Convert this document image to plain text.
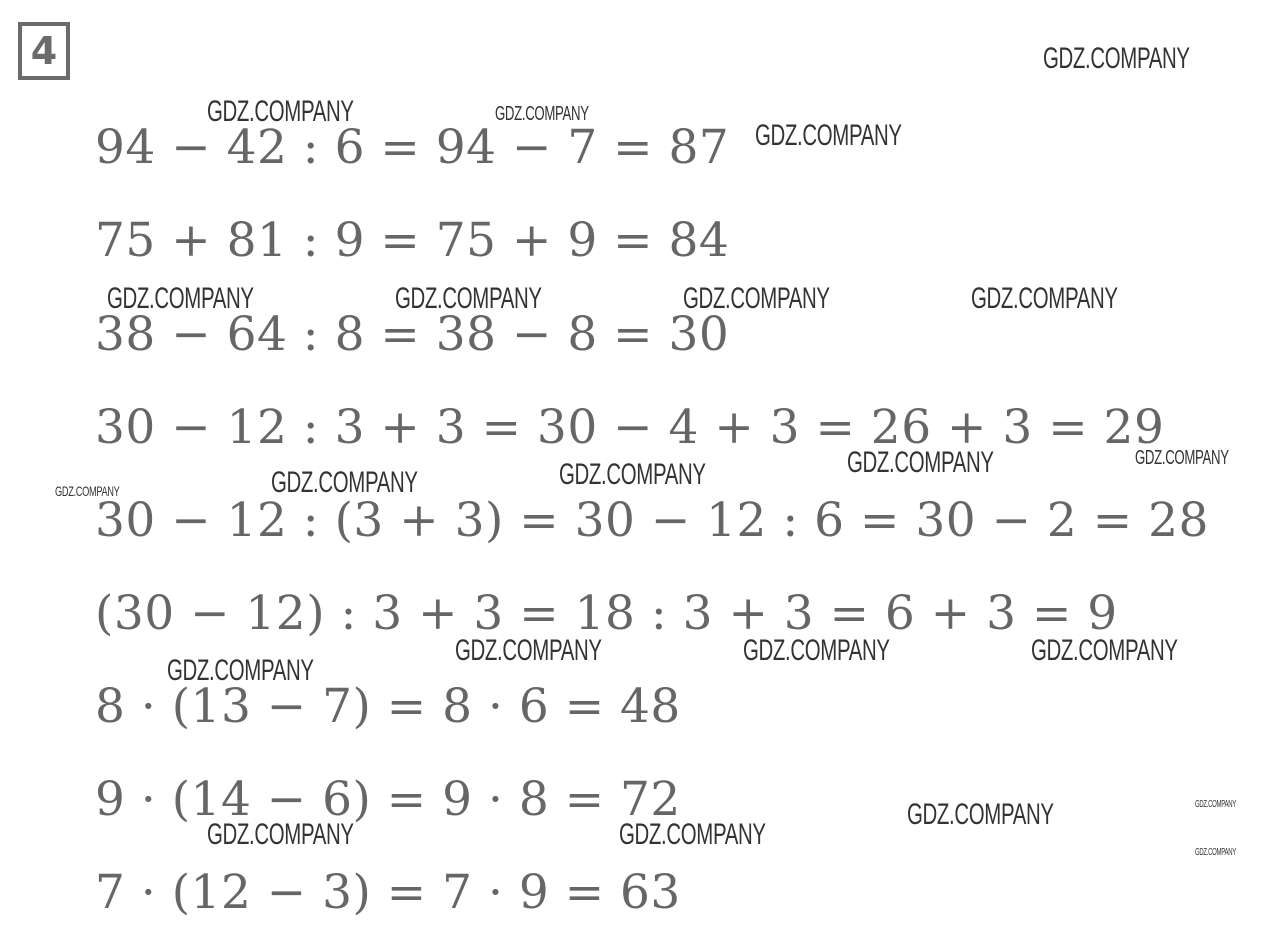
4
94 − 42 : 6 = 94 − 7 = 87
75 + 81 : 9 = 75 + 9 = 84
38 − 64 : 8 = 38 − 8 = 30
30 − 12 : 3 + 3 = 30 − 4 + 3 = 26 + 3 = 29
30 − 12 : (3 + 3) = 30 − 12 : 6 = 30 − 2 = 28
(30 − 12) : 3 + 3 = 18 : 3 + 3 = 6 + 3 = 9
8 · (13 − 7) = 8 · 6 = 48
9 · (14 − 6) = 9 · 8 = 72
7 · (12 − 3) = 7 · 9 = 63
GDZ.COMPANY
GDZ.COMPANY	GDZ.COMPANY
GDZ.COMPANY
GDZ.COMPANY	GDZ.COMPANY	GDZ.COMPANY	GDZ.COMPANY
GDZ.COMPANY	GDZ.COMPANY
GDZ.COMPANY
GDZ.COMPANY
GDZ.COMPANY
GDZ.COMPANY	GDZ.COMPANY	GDZ.COMPANY
GDZ.COMPANY
GDZ.COMPANY
GDZ.COMPANY
GDZ.COMPANY	GDZ.COMPANY
GDZ.COMPANY
